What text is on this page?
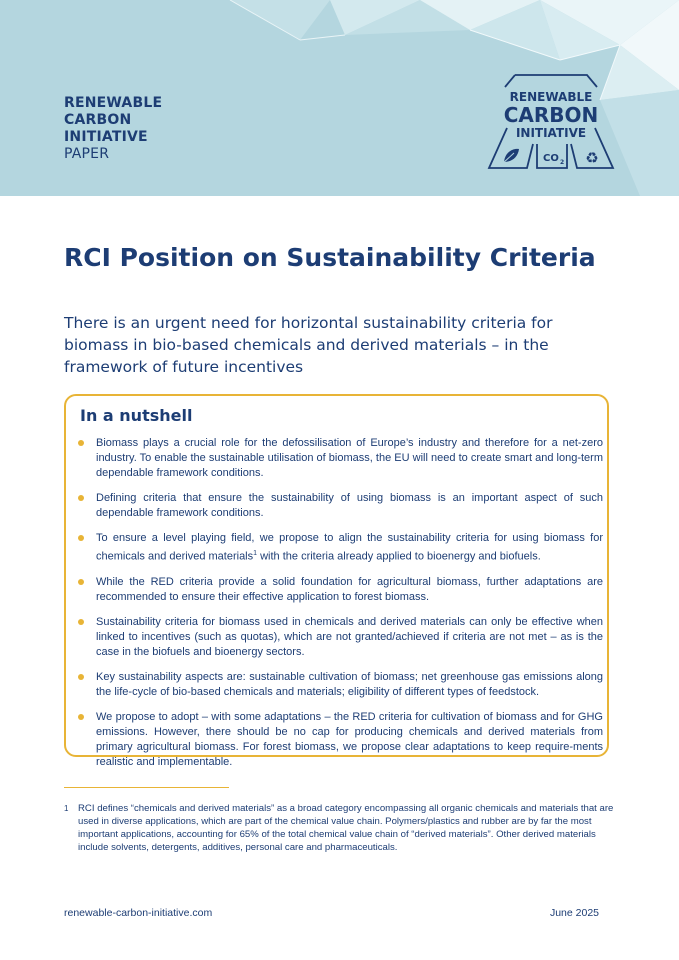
RENEWABLE
CARBON
INITIATIVE
PAPER
RENEWABLE
CARBON
INITIATIVE
CO 2 ♻
RCI Position on Sustainability Criteria
There is an urgent need for horizontal sustainability criteria for biomass in bio-based chemicals and derived materials – in the framework of future incentives
In a nutshell
Biomass plays a crucial role for the defossilisation of Europe’s industry and therefore for a net-zero industry. To enable the sustainable utilisation of biomass, the EU will need to create smart and long-term dependable framework conditions.
Defining criteria that ensure the sustainability of using biomass is an important aspect of such dependable framework conditions.
To ensure a level playing field, we propose to align the sustainability criteria for using biomass for chemicals and derived materials$^1$ with the criteria already applied to bioenergy and biofuels.
While the RED criteria provide a solid foundation for agricultural biomass, further adaptations are recommended to ensure their effective application to forest biomass.
Sustainability criteria for biomass used in chemicals and derived materials can only be effective when linked to incentives (such as quotas), which are not granted/achieved if criteria are not met – as is the case in the biofuels and bioenergy sectors.
Key sustainability aspects are: sustainable cultivation of biomass; net greenhouse gas emissions along the life-cycle of bio-based chemicals and materials; eligibility of different types of feedstock.
We propose to adopt – with some adaptations – the RED criteria for cultivation of biomass and for GHG emissions. However, there should be no cap for producing chemicals and derived materials from primary agricultural biomass. For forest biomass, we propose clear adaptations to keep require-ments realistic and implementable.
1 RCI defines “chemicals and derived materials” as a broad category encompassing all organic chemicals and materials that are used in diverse applications, which are part of the chemical value chain. Polymers/plastics and rubber are by far the most important applications, accounting for 65% of the total chemical value chain of “derived materials”. Other derived materials include solvents, detergents, additives, personal care and pharmaceuticals.
renewable-carbon-initiative.com	June 2025
